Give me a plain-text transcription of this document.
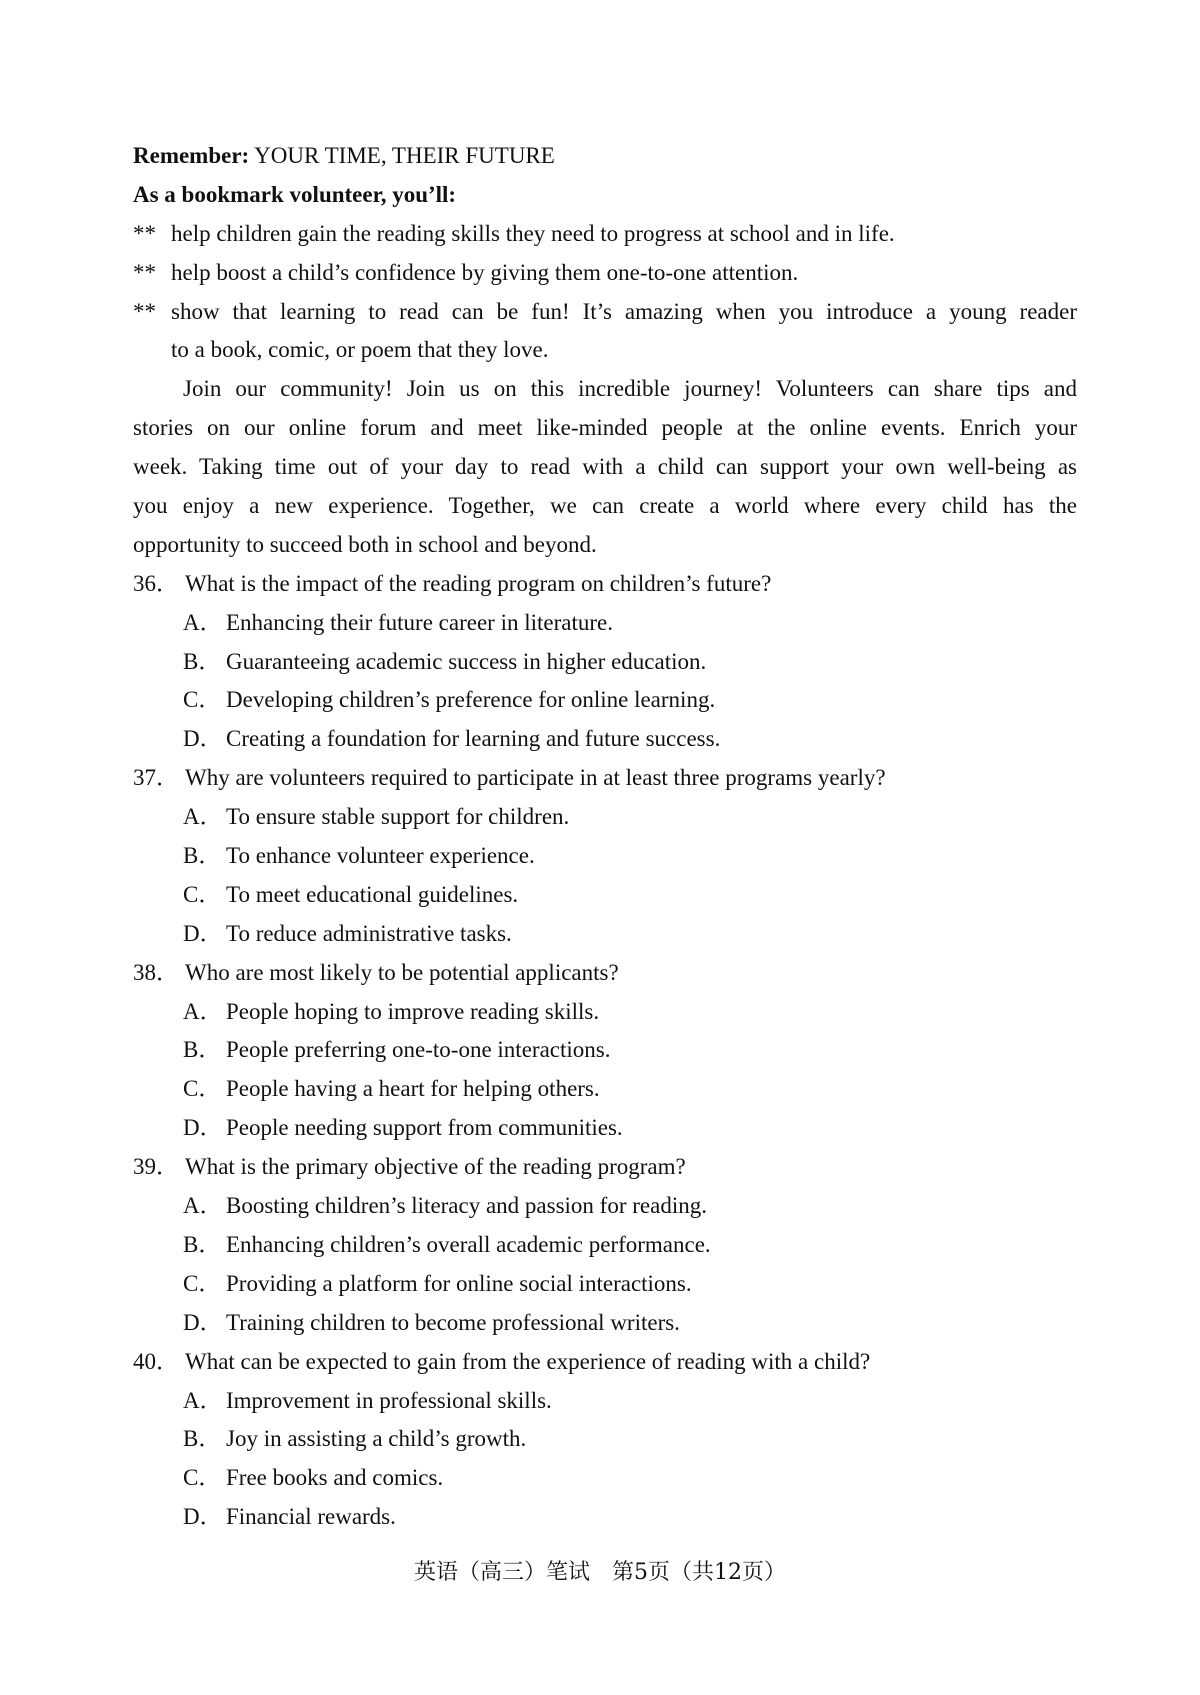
Remember: YOUR TIME, THEIR FUTURE
As a bookmark volunteer, you’ll:
** help children gain the reading skills they need to progress at school and in life.
** help boost a child’s confidence by giving them one-to-one attention.
** show that learning to read can be fun! It’s amazing when you introduce a young reader
to a book, comic, or poem that they love.
Join our community! Join us on this incredible journey! Volunteers can share tips and
stories on our online forum and meet like-minded people at the online events. Enrich your
week. Taking time out of your day to read with a child can support your own well-being as
you enjoy a new experience. Together, we can create a world where every child has the
opportunity to succeed both in school and beyond.
36． What is the impact of the reading program on children’s future?
A． Enhancing their future career in literature.
B． Guaranteeing academic success in higher education.
C． Developing children’s preference for online learning.
D． Creating a foundation for learning and future success.
37． Why are volunteers required to participate in at least three programs yearly?
A． To ensure stable support for children.
B． To enhance volunteer experience.
C． To meet educational guidelines.
D． To reduce administrative tasks.
38． Who are most likely to be potential applicants?
A． People hoping to improve reading skills.
B． People preferring one-to-one interactions.
C． People having a heart for helping others.
D． People needing support from communities.
39． What is the primary objective of the reading program?
A． Boosting children’s literacy and passion for reading.
B． Enhancing children’s overall academic performance.
C． Providing a platform for online social interactions.
D． Training children to become professional writers.
40． What can be expected to gain from the experience of reading with a child?
A． Improvement in professional skills.
B． Joy in assisting a child’s growth.
C． Free books and comics.
D． Financial rewards.
英语（高三）笔试　第5页（共12页）
